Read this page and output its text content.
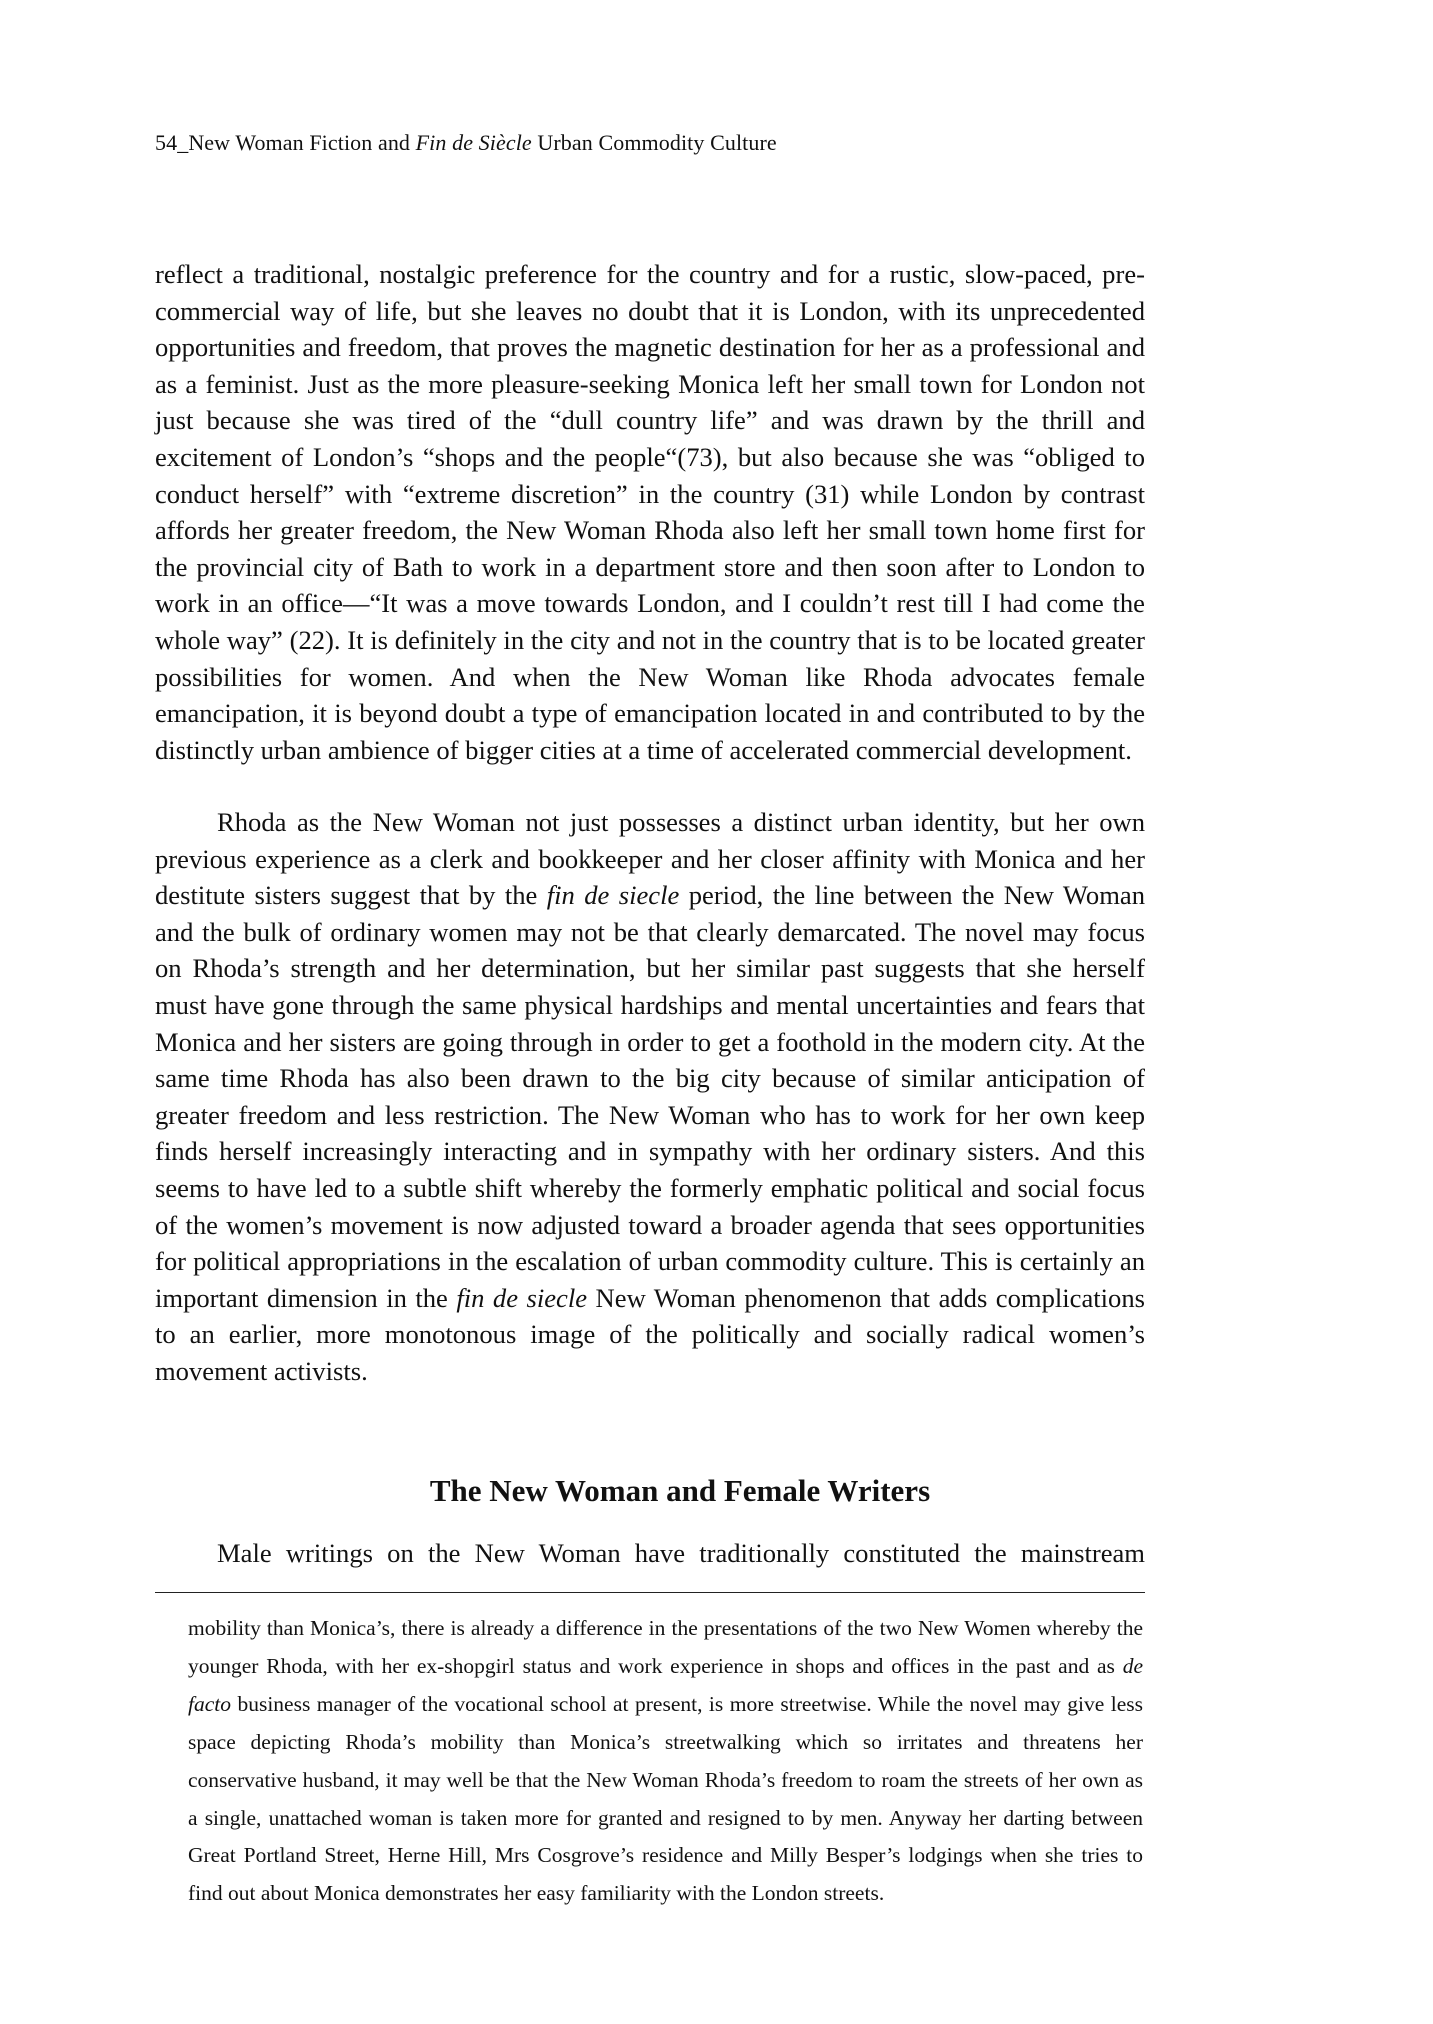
54_New Woman Fiction and Fin de Siècle Urban Commodity Culture

reflect a traditional, nostalgic preference for the country and for a rustic, slow-paced, pre-commercial way of life, but she leaves no doubt that it is London, with its unprecedented opportunities and freedom, that proves the magnetic destination for her as a professional and as a feminist. Just as the more pleasure-seeking Monica left her small town for London not just because she was tired of the “dull country life” and was drawn by the thrill and excitement of London’s “shops and the people“(73), but also because she was “obliged to conduct herself” with “extreme discretion” in the country (31) while London by contrast affords her greater freedom, the New Woman Rhoda also left her small town home first for the provincial city of Bath to work in a department store and then soon after to London to work in an office—“It was a move towards London, and I couldn’t rest till I had come the whole way” (22). It is definitely in the city and not in the country that is to be located greater possibilities for women. And when the New Woman like Rhoda advocates female emancipation, it is beyond doubt a type of emancipation located in and contributed to by the distinctly urban ambience of bigger cities at a time of accelerated commercial development.

Rhoda as the New Woman not just possesses a distinct urban identity, but her own previous experience as a clerk and bookkeeper and her closer affinity with Monica and her destitute sisters suggest that by the fin de siecle period, the line between the New Woman and the bulk of ordinary women may not be that clearly demarcated. The novel may focus on Rhoda’s strength and her determination, but her similar past suggests that she herself must have gone through the same physical hardships and mental uncertainties and fears that Monica and her sisters are going through in order to get a foothold in the modern city. At the same time Rhoda has also been drawn to the big city because of similar anticipation of greater freedom and less restriction. The New Woman who has to work for her own keep finds herself increasingly interacting and in sympathy with her ordinary sisters. And this seems to have led to a subtle shift whereby the formerly emphatic political and social focus of the women’s movement is now adjusted toward a broader agenda that sees opportunities for political appropriations in the escalation of urban commodity culture. This is certainly an important dimension in the fin de siecle New Woman phenomenon that adds complications to an earlier, more monotonous image of the politically and socially radical women’s movement activists.

The New Woman and Female Writers
Male writings on the New Woman have traditionally constituted the mainstream

mobility than Monica’s, there is already a difference in the presentations of the two New Women whereby the younger Rhoda, with her ex-shopgirl status and work experience in shops and offices in the past and as de facto business manager of the vocational school at present, is more streetwise. While the novel may give less space depicting Rhoda’s mobility than Monica’s streetwalking which so irritates and threatens her conservative husband, it may well be that the New Woman Rhoda’s freedom to roam the streets of her own as a single, unattached woman is taken more for granted and resigned to by men. Anyway her darting between Great Portland Street, Herne Hill, Mrs Cosgrove’s residence and Milly Besper’s lodgings when she tries to find out about Monica demonstrates her easy familiarity with the London streets.
